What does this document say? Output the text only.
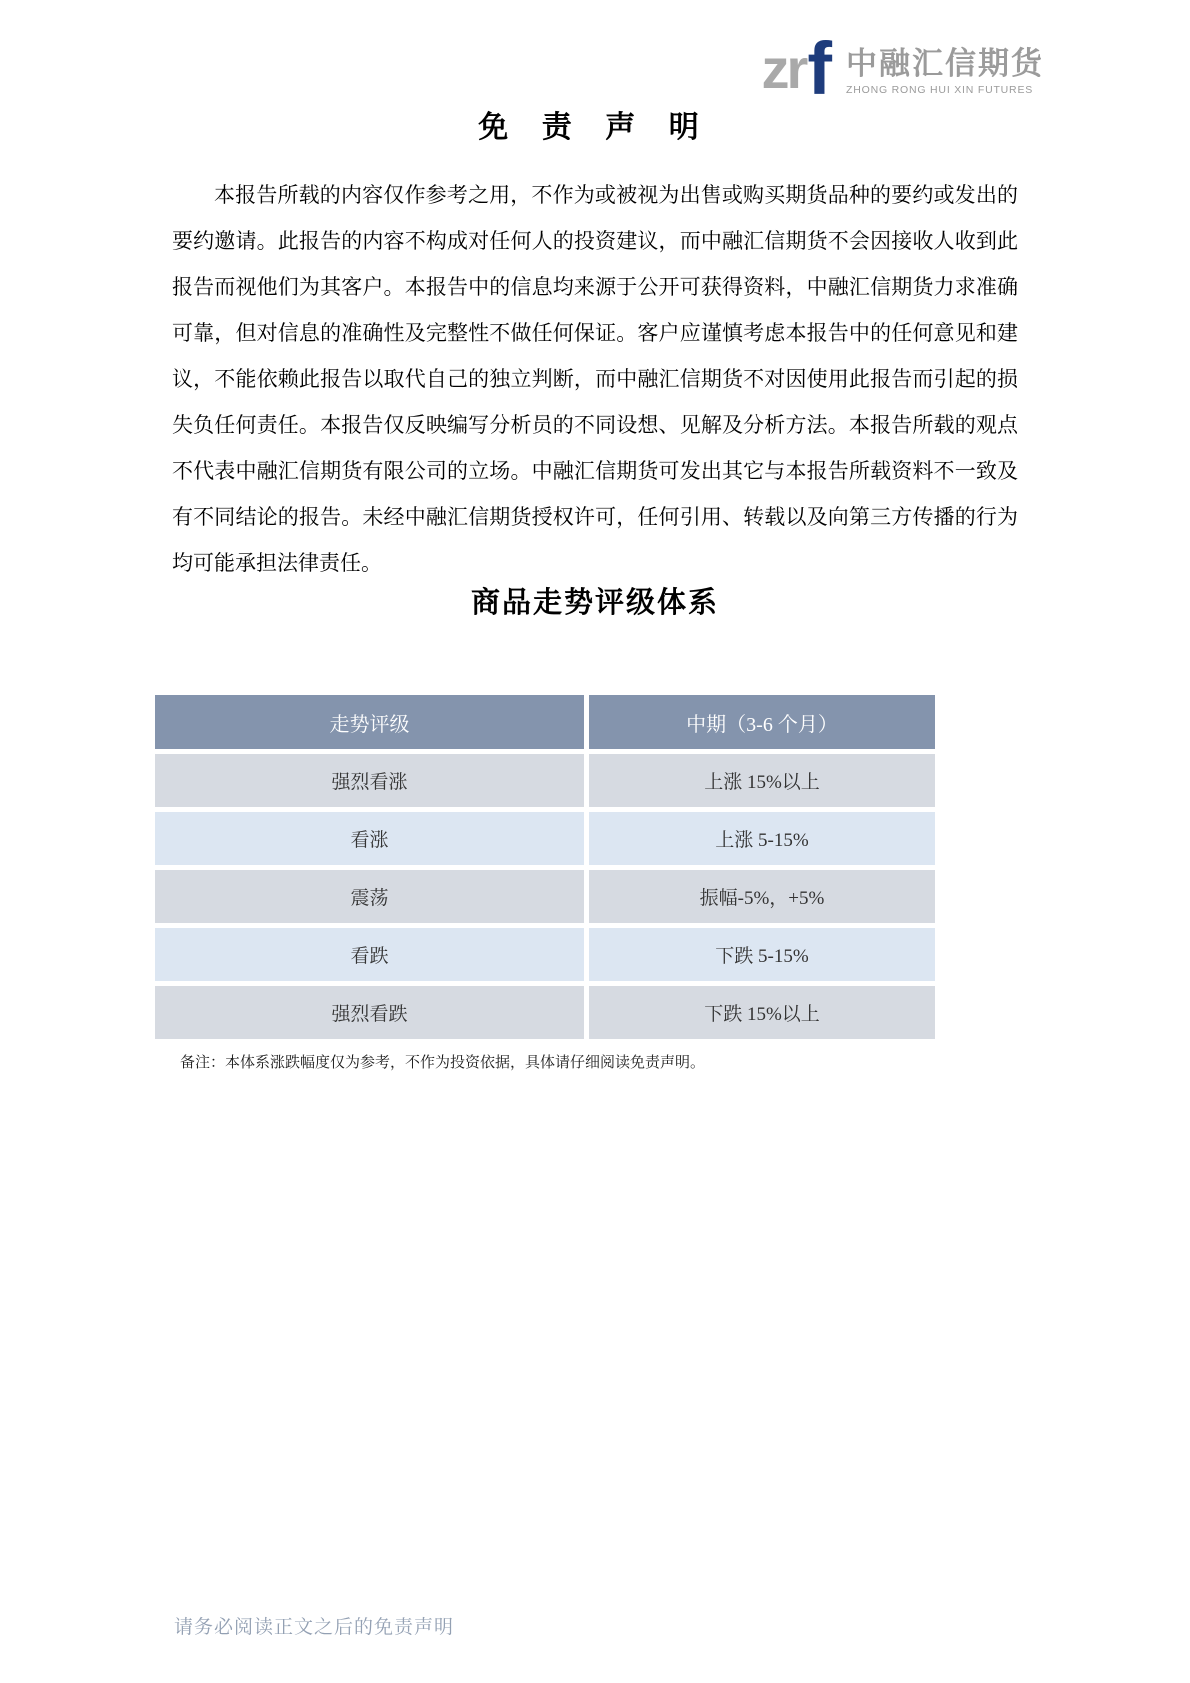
zr f 中融汇信期货
ZHONG RONG HUI XIN FUTURES
免 责 声 明
本报告所载的内容仅作参考之用，不作为或被视为出售或购买期货品种的要约或发出的要约邀请。此报告的内容不构成对任何人的投资建议，而中融汇信期货不会因接收人收到此报告而视他们为其客户。本报告中的信息均来源于公开可获得资料，中融汇信期货力求准确可靠，但对信息的准确性及完整性不做任何保证。客户应谨慎考虑本报告中的任何意见和建议，不能依赖此报告以取代自己的独立判断，而中融汇信期货不对因使用此报告而引起的损失负任何责任。本报告仅反映编写分析员的不同设想、见解及分析方法。本报告所载的观点不代表中融汇信期货有限公司的立场。中融汇信期货可发出其它与本报告所载资料不一致及有不同结论的报告。未经中融汇信期货授权许可，任何引用、转载以及向第三方传播的行为均可能承担法律责任。
商品走势评级体系
走势评级	中期（3-6 个月）
强烈看涨	上涨 15%以上
看涨	上涨 5-15%
震荡	振幅-5%，+5%
看跌	下跌 5-15%
强烈看跌	下跌 15%以上
备注：本体系涨跌幅度仅为参考，不作为投资依据，具体请仔细阅读免责声明。
请务必阅读正文之后的免责声明
